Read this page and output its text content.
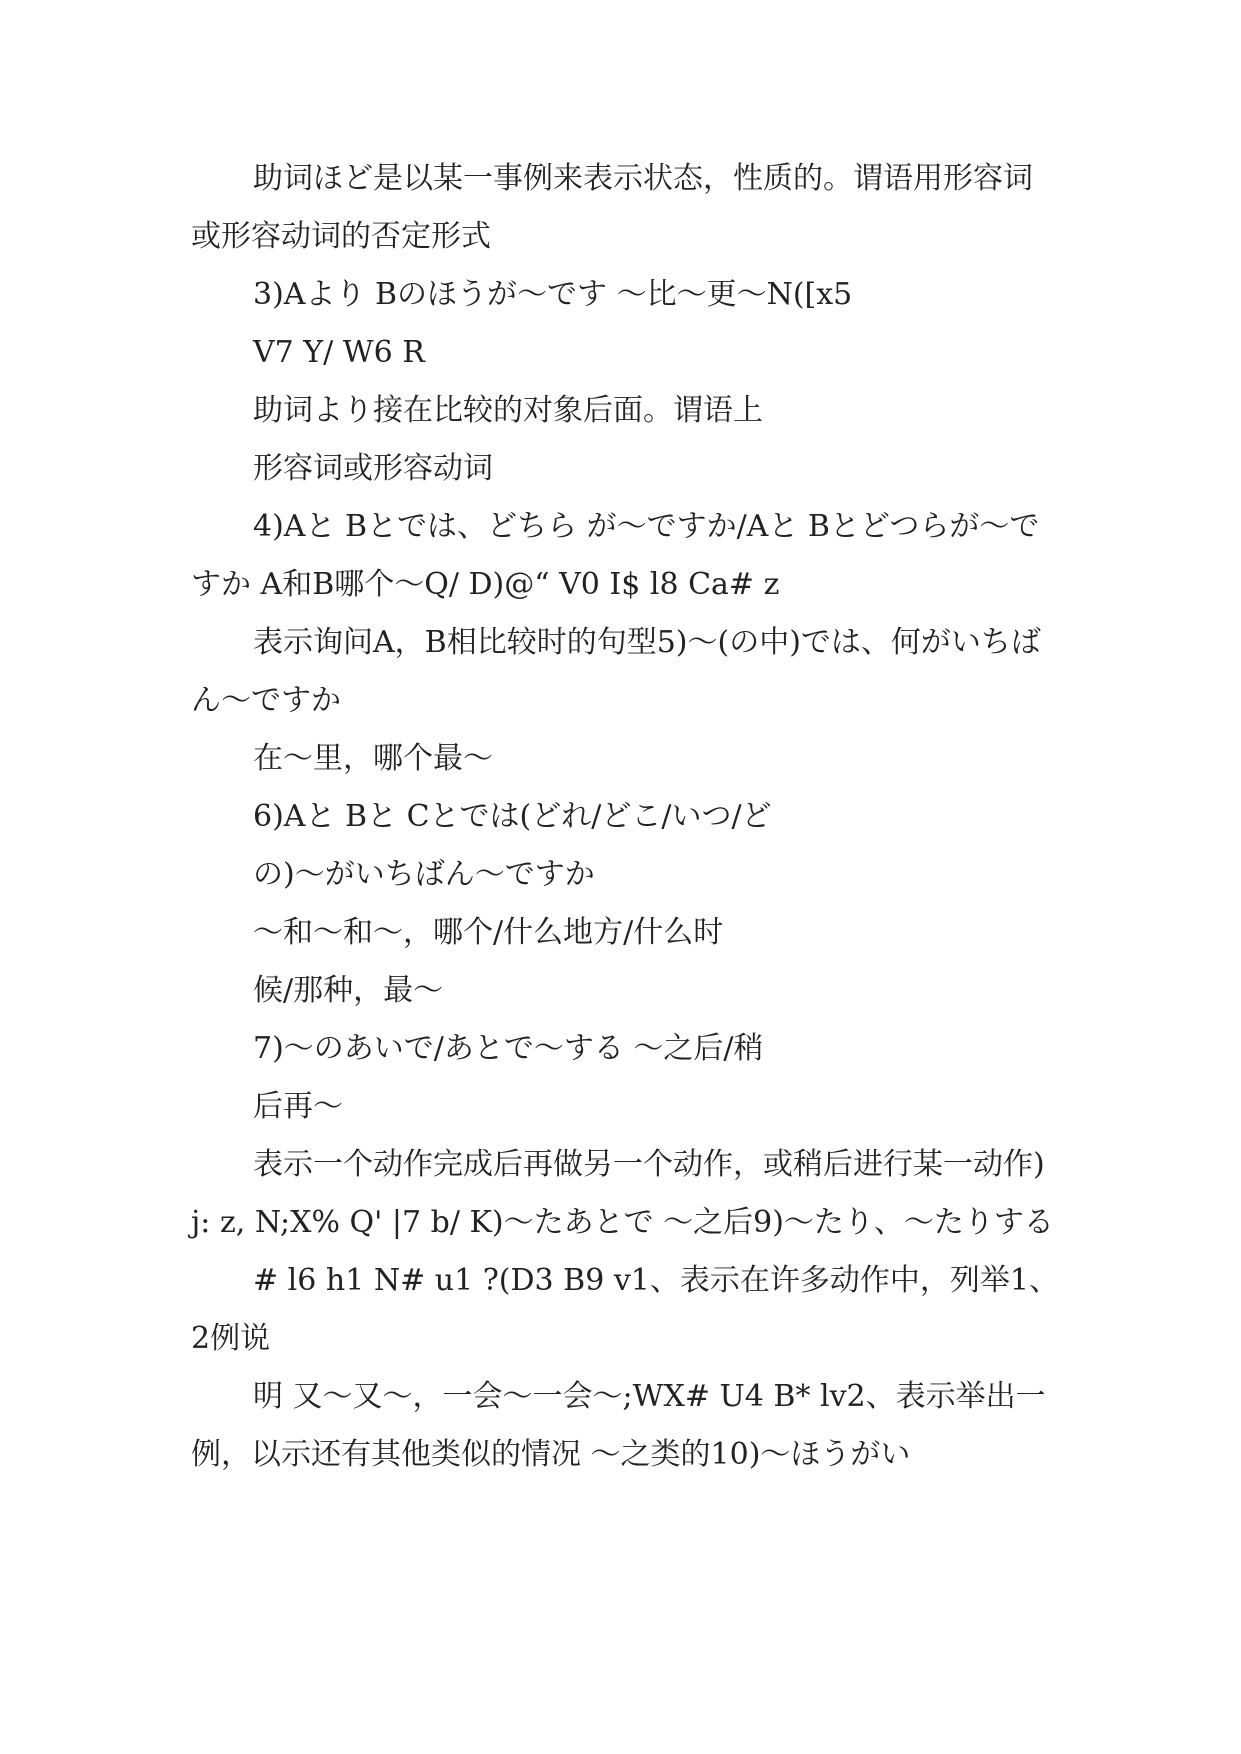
助词ほど是以某一事例来表示状态，性质的。谓语用形容词或形容动词的否定形式

3)Aより Bのほうが～です ～比～更～N([x5

V7 Y/ W6 R

助词より接在比较的对象后面。谓语上

形容词或形容动词

4)Aと Bとでは、どちら が～ですか/Aと Bとどつらが～ですか A和B哪个～Q/ D)@“ V0 I$ l8 Ca# z

表示询问A，B相比较时的句型5)～(の中)では、何がいちばん～ですか

在～里，哪个最～

6)Aと Bと Cとでは(どれ/どこ/いつ/ど

の)～がいちばん～ですか

～和～和～，哪个/什么地方/什么时

候/那种，最～

7)～のあいで/あとで～する ～之后/稍

后再～

表示一个动作完成后再做另一个动作，或稍后进行某一动作)j: z, N;X% Q' |7 b/ K)～たあとで ～之后9)～たり、～たりする

# l6 h1 N# u1 ?(D3 B9 v1、表示在许多动作中，列举1、2例说

明 又～又～，一会～一会～;WX# U4 B* lv2、表示举出一例，以示还有其他类似的情况 ～之类的10)～ほうがい
